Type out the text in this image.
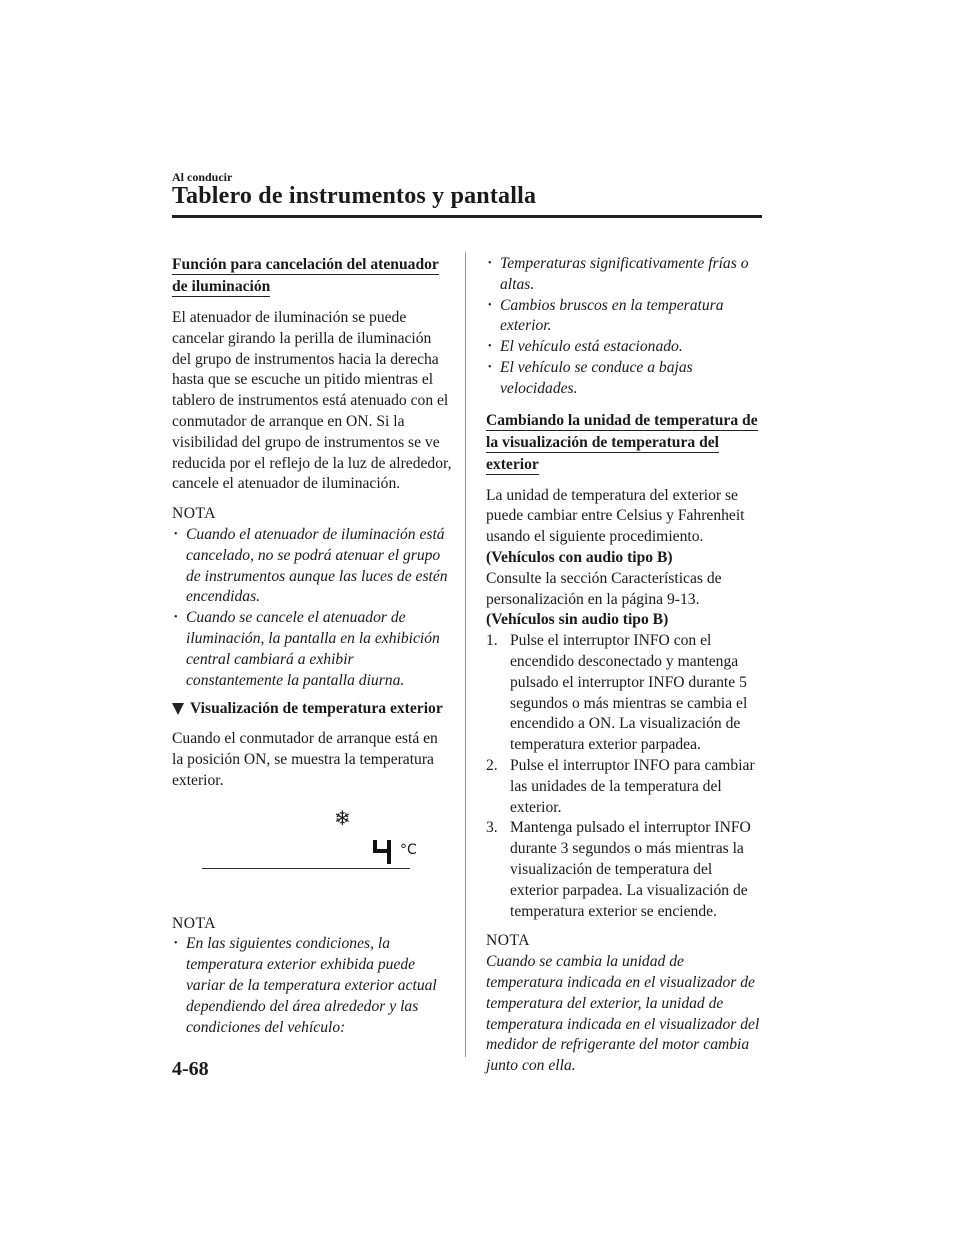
Al conducir
Tablero de instrumentos y pantalla
Función para cancelación del atenuador de iluminación

El atenuador de iluminación se puede cancelar girando la perilla de iluminación del grupo de instrumentos hacia la derecha hasta que se escuche un pitido mientras el tablero de instrumentos está atenuado con el conmutador de arranque en ON. Si la visibilidad del grupo de instrumentos se ve reducida por el reflejo de la luz de alrededor, cancele el atenuador de iluminación.

NOTA

• Cuando el atenuador de iluminación está cancelado, no se podrá atenuar el grupo de instrumentos aunque las luces de estén encendidas.
• Cuando se cancele el atenuador de iluminación, la pantalla en la exhibición central cambiará a exhibir constantemente la pantalla diurna.
Visualización de temperatura exterior

Cuando el conmutador de arranque está en la posición ON, se muestra la temperatura exterior.

❄
°C

NOTA

• En las siguientes condiciones, la temperatura exterior exhibida puede variar de la temperatura exterior actual dependiendo del área alrededor y las condiciones del vehículo:
• Temperaturas significativamente frías o altas.
• Cambios bruscos en la temperatura exterior.
• El vehículo está estacionado.
• El vehículo se conduce a bajas velocidades.
Cambiando la unidad de temperatura de la visualización de temperatura del exterior

La unidad de temperatura del exterior se puede cambiar entre Celsius y Fahrenheit usando el siguiente procedimiento.

(Vehículos con audio tipo B)

Consulte la sección Características de personalización en la página 9-13.

(Vehículos sin audio tipo B)

1. Pulse el interruptor INFO con el encendido desconectado y mantenga pulsado el interruptor INFO durante 5 segundos o más mientras se cambia el encendido a ON. La visualización de temperatura exterior parpadea.
2. Pulse el interruptor INFO para cambiar las unidades de la temperatura del exterior.
3. Mantenga pulsado el interruptor INFO durante 3 segundos o más mientras la visualización de temperatura del exterior parpadea. La visualización de temperatura exterior se enciende.

NOTA

Cuando se cambia la unidad de temperatura indicada en el visualizador de temperatura del exterior, la unidad de temperatura indicada en el visualizador del medidor de refrigerante del motor cambia junto con ella.

4-68
